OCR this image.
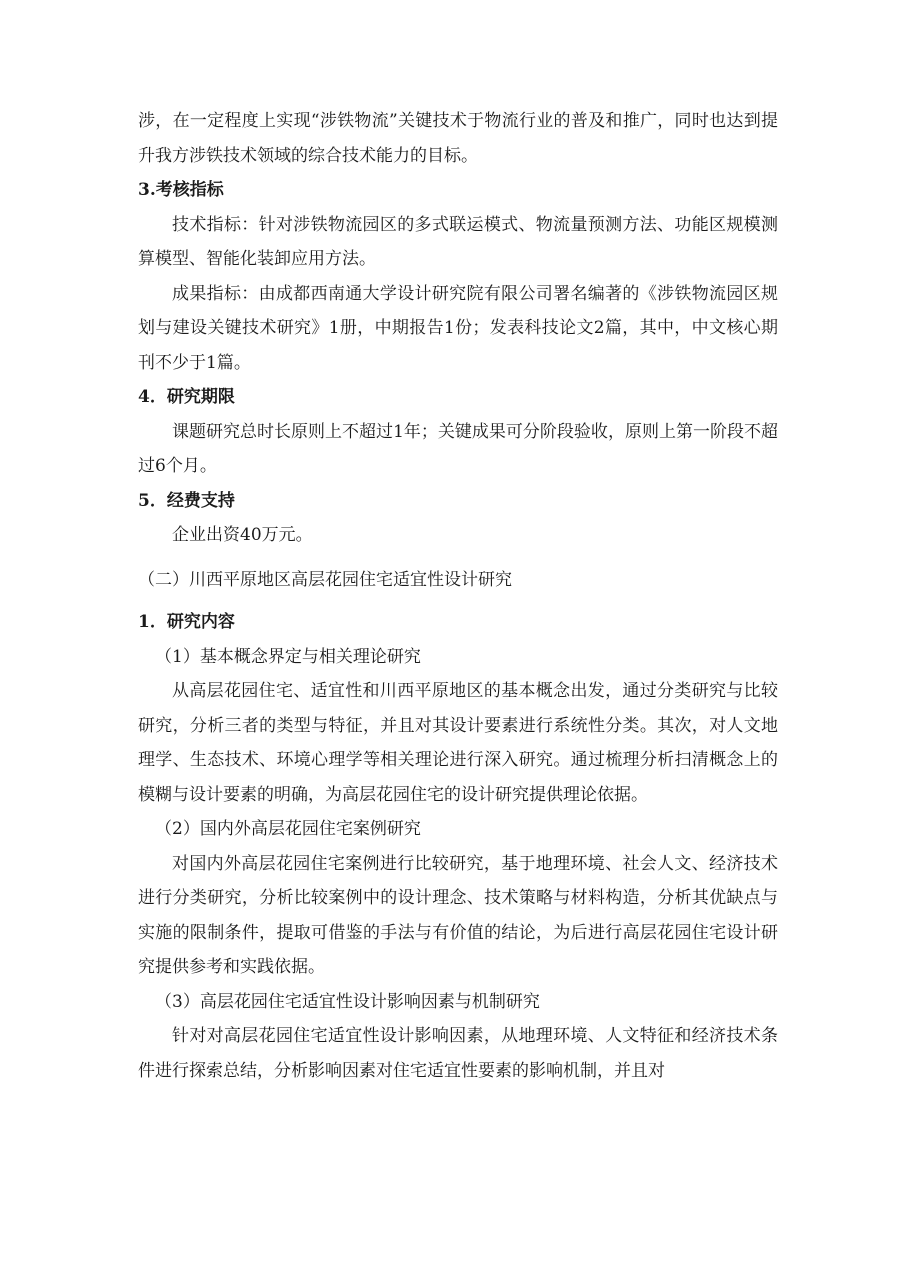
涉，在一定程度上实现“涉铁物流”关键技术于物流行业的普及和推广，同时也达到提升我方涉铁技术领域的综合技术能力的目标。

3.考核指标

技术指标：针对涉铁物流园区的多式联运模式、物流量预测方法、功能区规模测算模型、智能化装卸应用方法。

成果指标：由成都西南通大学设计研究院有限公司署名编著的《涉铁物流园区规划与建设关键技术研究》1册，中期报告1份；发表科技论文2篇，其中，中文核心期刊不少于1篇。

4．研究期限

课题研究总时长原则上不超过1年；关键成果可分阶段验收，原则上第一阶段不超过6个月。

5．经费支持

企业出资40万元。

（二）川西平原地区高层花园住宅适宜性设计研究

1．研究内容

（1）基本概念界定与相关理论研究

从高层花园住宅、适宜性和川西平原地区的基本概念出发，通过分类研究与比较研究，分析三者的类型与特征，并且对其设计要素进行系统性分类。其次，对人文地理学、生态技术、环境心理学等相关理论进行深入研究。通过梳理分析扫清概念上的模糊与设计要素的明确，为高层花园住宅的设计研究提供理论依据。

（2）国内外高层花园住宅案例研究

对国内外高层花园住宅案例进行比较研究，基于地理环境、社会人文、经济技术进行分类研究，分析比较案例中的设计理念、技术策略与材料构造，分析其优缺点与实施的限制条件，提取可借鉴的手法与有价值的结论，为后进行高层花园住宅设计研究提供参考和实践依据。

（3）高层花园住宅适宜性设计影响因素与机制研究

针对对高层花园住宅适宜性设计影响因素，从地理环境、人文特征和经济技术条件进行探索总结，分析影响因素对住宅适宜性要素的影响机制，并且对
